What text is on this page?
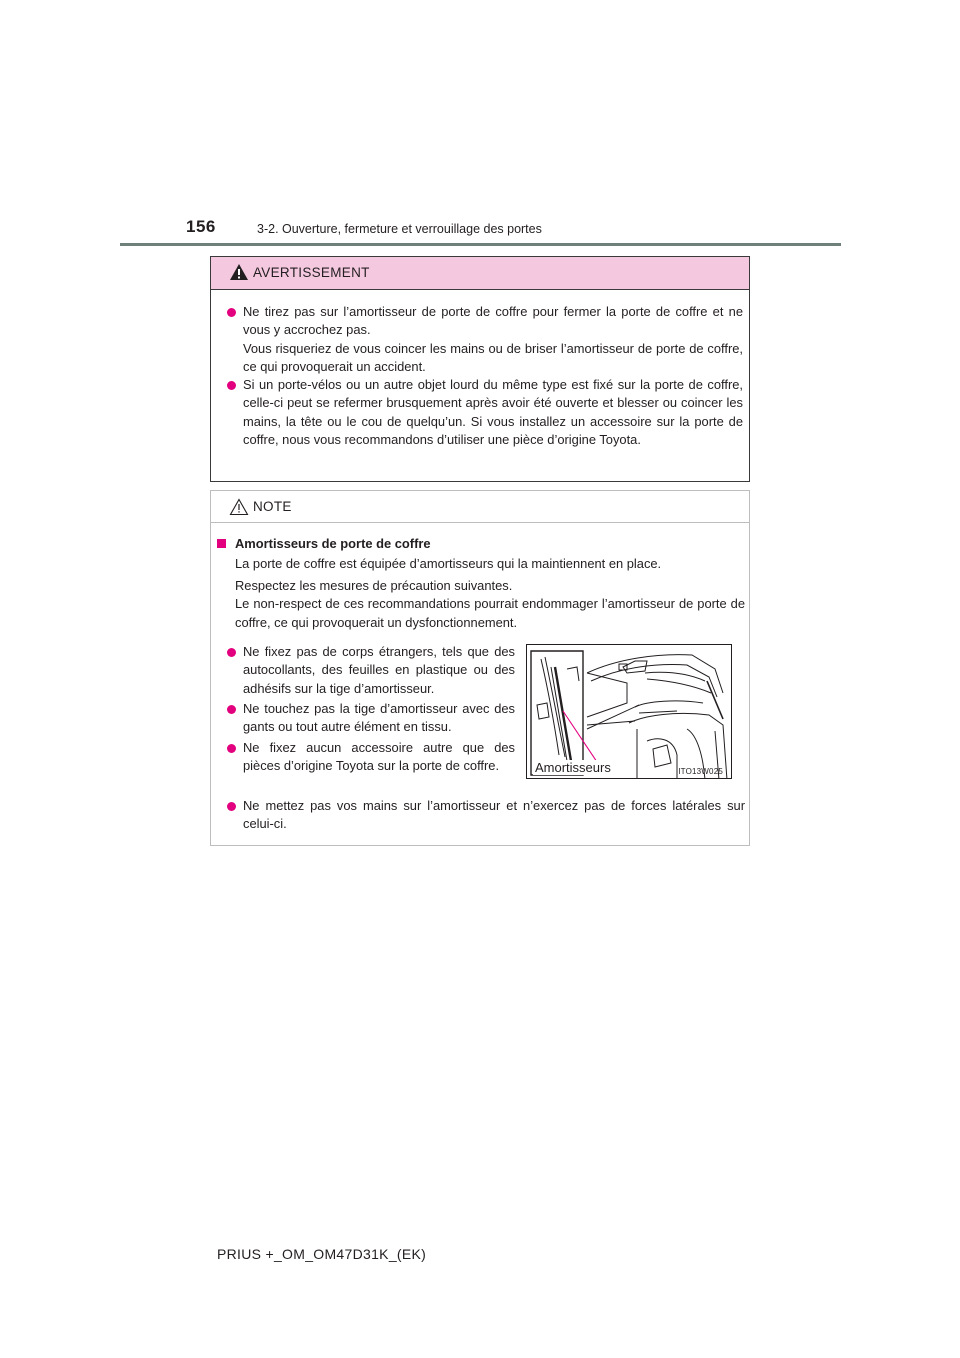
156	3-2. Ouverture, fermeture et verrouillage des portes
AVERTISSEMENT
Ne tirez pas sur l’amortisseur de porte de coffre pour fermer la porte de coffre et ne vous y accrochez pas.
Vous risqueriez de vous coincer les mains ou de briser l’amortisseur de porte de coffre, ce qui provoquerait un accident.
Si un porte-vélos ou un autre objet lourd du même type est fixé sur la porte de coffre, celle-ci peut se refermer brusquement après avoir été ouverte et blesser ou coincer les mains, la tête ou le cou de quelqu’un. Si vous installez un accessoire sur la porte de coffre, nous vous recommandons d’utiliser une pièce d’origine Toyota.
NOTE
Amortisseurs de porte de coffre
La porte de coffre est équipée d’amortisseurs qui la maintiennent en place.
Respectez les mesures de précaution suivantes.
Le non-respect de ces recommandations pourrait endommager l’amortisseur de porte de coffre, ce qui provoquerait un dysfonctionnement.
Ne fixez pas de corps étrangers, tels que des autocollants, des feuilles en plastique ou des adhésifs sur la tige d’amortisseur.
Ne touchez pas la tige d’amortisseur avec des gants ou tout autre élément en tissu.
Ne fixez aucun accessoire autre que des pièces d’origine Toyota sur la porte de coffre.
Ne mettez pas vos mains sur l’amortisseur et n’exercez pas de forces latérales sur celui-ci.
Amortisseurs	ITO13W025
PRIUS +_OM_OM47D31K_(EK)
